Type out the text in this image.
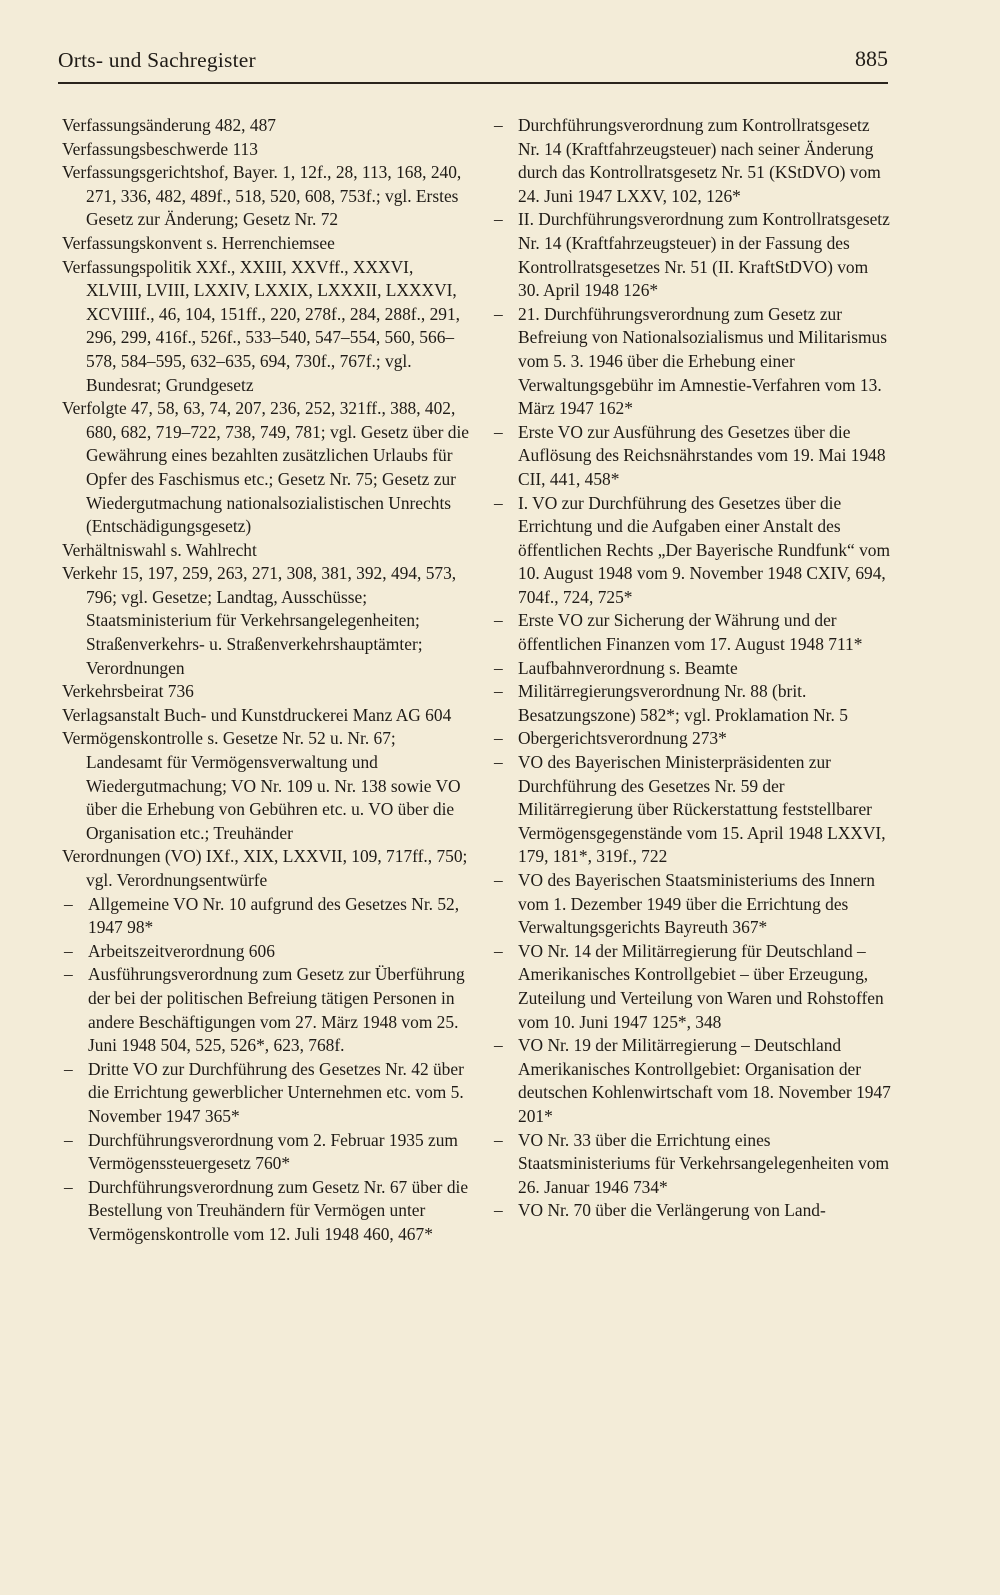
Orts- und Sachregister	885

Verfassungsänderung 482, 487

Verfassungsbeschwerde 113

Verfassungsgerichtshof, Bayer. 1, 12f., 28, 113, 168, 240, 271, 336, 482, 489f., 518, 520, 608, 753f.; vgl. Erstes Gesetz zur Änderung; Gesetz Nr. 72

Verfassungskonvent s. Herrenchiemsee

Verfassungspolitik XXf., XXIII, XXVff., XXXVI, XLVIII, LVIII, LXXIV, LXXIX, LXXXII, LXXXVI, XCVIIIf., 46, 104, 151ff., 220, 278f., 284, 288f., 291, 296, 299, 416f., 526f., 533–540, 547–554, 560, 566–578, 584–595, 632–635, 694, 730f., 767f.; vgl. Bundesrat; Grundgesetz

Verfolgte 47, 58, 63, 74, 207, 236, 252, 321ff., 388, 402, 680, 682, 719–722, 738, 749, 781; vgl. Gesetz über die Gewährung eines bezahlten zusätzlichen Urlaubs für Opfer des Faschismus etc.; Gesetz Nr. 75; Gesetz zur Wiedergutmachung nationalsozialistischen Unrechts (Entschädigungsgesetz)

Verhältniswahl s. Wahlrecht

Verkehr 15, 197, 259, 263, 271, 308, 381, 392, 494, 573, 796; vgl. Gesetze; Landtag, Ausschüsse; Staatsministerium für Verkehrsangelegenheiten; Straßenverkehrs- u. Straßenverkehrshauptämter; Verordnungen

Verkehrsbeirat 736

Verlagsanstalt Buch- und Kunstdruckerei Manz AG 604

Vermögenskontrolle s. Gesetze Nr. 52 u. Nr. 67; Landesamt für Vermögensverwaltung und Wiedergutmachung; VO Nr. 109 u. Nr. 138 sowie VO über die Erhebung von Gebühren etc. u. VO über die Organisation etc.; Treuhänder

Verordnungen (VO) IXf., XIX, LXXVII, 109, 717ff., 750; vgl. Verordnungsentwürfe

– Allgemeine VO Nr. 10 aufgrund des Gesetzes Nr. 52, 1947 98*

– Arbeitszeitverordnung 606

– Ausführungsverordnung zum Gesetz zur Überführung der bei der politischen Befreiung tätigen Personen in andere Beschäftigungen vom 27. März 1948 vom 25. Juni 1948 504, 525, 526*, 623, 768f.

– Dritte VO zur Durchführung des Gesetzes Nr. 42 über die Errichtung gewerblicher Unternehmen etc. vom 5. November 1947 365*

– Durchführungsverordnung vom 2. Februar 1935 zum Vermögenssteuergesetz 760*

– Durchführungsverordnung zum Gesetz Nr. 67 über die Bestellung von Treuhändern für Vermögen unter Vermögenskontrolle vom 12. Juli 1948 460, 467*

– Durchführungsverordnung zum Kontrollratsgesetz Nr. 14 (Kraftfahrzeugsteuer) nach seiner Änderung durch das Kontrollratsgesetz Nr. 51 (KStDVO) vom 24. Juni 1947 LXXV, 102, 126*

– II. Durchführungsverordnung zum Kontrollratsgesetz Nr. 14 (Kraftfahrzeugsteuer) in der Fassung des Kontrollratsgesetzes Nr. 51 (II. KraftStDVO) vom 30. April 1948 126*

– 21. Durchführungsverordnung zum Gesetz zur Befreiung von Nationalsozialismus und Militarismus vom 5. 3. 1946 über die Erhebung einer Verwaltungsgebühr im Amnestie-Verfahren vom 13. März 1947 162*

– Erste VO zur Ausführung des Gesetzes über die Auflösung des Reichsnährstandes vom 19. Mai 1948 CII, 441, 458*

– I. VO zur Durchführung des Gesetzes über die Errichtung und die Aufgaben einer Anstalt des öffentlichen Rechts „Der Bayerische Rundfunk“ vom 10. August 1948 vom 9. November 1948 CXIV, 694, 704f., 724, 725*

– Erste VO zur Sicherung der Währung und der öffentlichen Finanzen vom 17. August 1948 711*

– Laufbahnverordnung s. Beamte

– Militärregierungsverordnung Nr. 88 (brit. Besatzungszone) 582*; vgl. Proklamation Nr. 5

– Obergerichtsverordnung 273*

– VO des Bayerischen Ministerpräsidenten zur Durchführung des Gesetzes Nr. 59 der Militärregierung über Rückerstattung feststellbarer Vermögensgegenstände vom 15. April 1948 LXXVI, 179, 181*, 319f., 722

– VO des Bayerischen Staatsministeriums des Innern vom 1. Dezember 1949 über die Errichtung des Verwaltungsgerichts Bayreuth 367*

– VO Nr. 14 der Militärregierung für Deutschland – Amerikanisches Kontrollgebiet – über Erzeugung, Zuteilung und Verteilung von Waren und Rohstoffen vom 10. Juni 1947 125*, 348

– VO Nr. 19 der Militärregierung – Deutschland Amerikanisches Kontrollgebiet: Organisation der deutschen Kohlenwirtschaft vom 18. November 1947 201*

– VO Nr. 33 über die Errichtung eines Staatsministeriums für Verkehrsangelegenheiten vom 26. Januar 1946 734*

– VO Nr. 70 über die Verlängerung von Land-
